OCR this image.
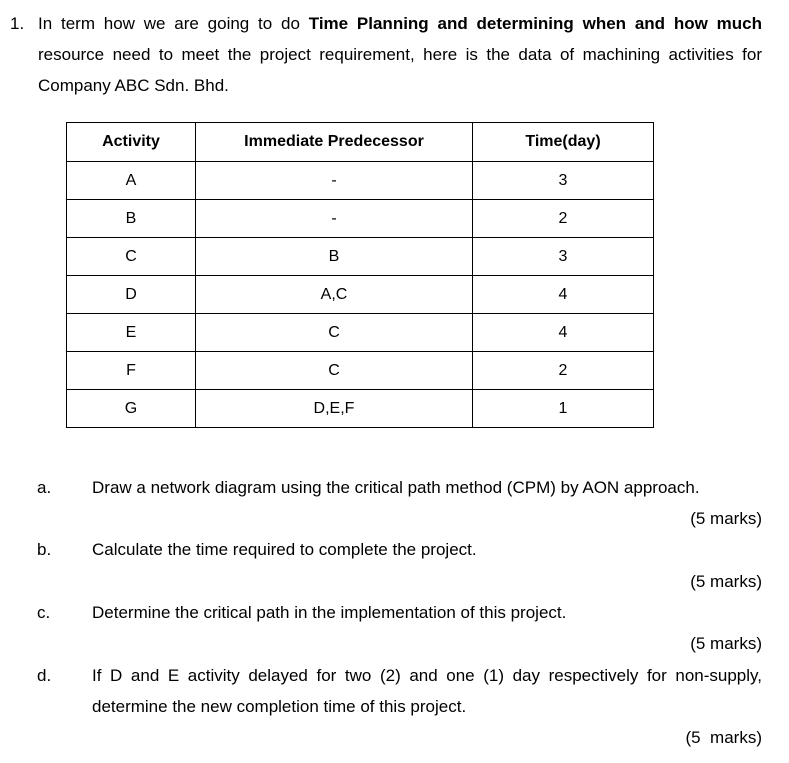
1. In term how we are going to do Time Planning and determining when and how much resource need to meet the project requirement, here is the data of machining activities for Company ABC Sdn. Bhd.
Activity	Immediate Predecessor	Time(day)
A	-	3
B	-	2
C	B	3
D	A,C	4
E	C	4
F	C	2
G	D,E,F	1
a. Draw a network diagram using the critical path method (CPM) by AON approach.
(5 marks)
b. Calculate the time required to complete the project.
(5 marks)
c. Determine the critical path in the implementation of this project.
(5 marks)
d. If D and E activity delayed for two (2) and one (1) day respectively for non-supply, determine the new completion time of this project.
(5  marks)
